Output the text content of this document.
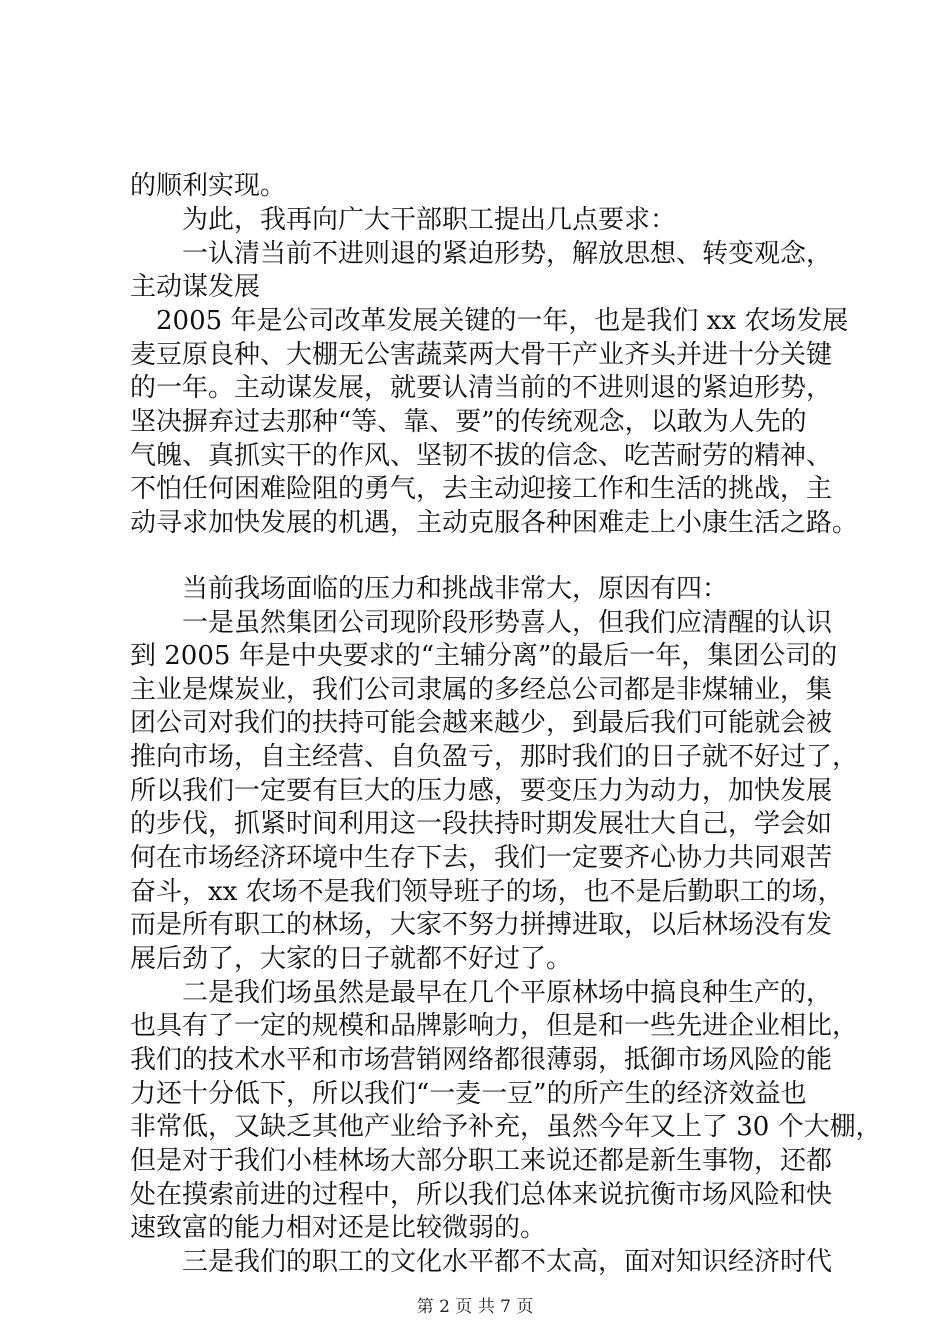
的顺利实现。
　　为此，我再向广大干部职工提出几点要求：
　　一认清当前不进则退的紧迫形势，解放思想、转变观念，
主动谋发展
　2005 年是公司改革发展关键的一年，也是我们 xx 农场发展
麦豆原良种、大棚无公害蔬菜两大骨干产业齐头并进十分关键
的一年。主动谋发展，就要认清当前的不进则退的紧迫形势，
坚决摒弃过去那种“等、靠、要”的传统观念，以敢为人先的
气魄、真抓实干的作风、坚韧不拔的信念、吃苦耐劳的精神、
不怕任何困难险阻的勇气，去主动迎接工作和生活的挑战，主
动寻求加快发展的机遇，主动克服各种困难走上小康生活之路。
　　当前我场面临的压力和挑战非常大，原因有四：
　　一是虽然集团公司现阶段形势喜人，但我们应清醒的认识
到 2005 年是中央要求的“主辅分离”的最后一年，集团公司的
主业是煤炭业，我们公司隶属的多经总公司都是非煤辅业，集
团公司对我们的扶持可能会越来越少，到最后我们可能就会被
推向市场，自主经营、自负盈亏，那时我们的日子就不好过了，
所以我们一定要有巨大的压力感，要变压力为动力，加快发展
的步伐，抓紧时间利用这一段扶持时期发展壮大自己，学会如
何在市场经济环境中生存下去，我们一定要齐心协力共同艰苦
奋斗，xx 农场不是我们领导班子的场，也不是后勤职工的场，
而是所有职工的林场，大家不努力拼搏进取，以后林场没有发
展后劲了，大家的日子就都不好过了。
　　二是我们场虽然是最早在几个平原林场中搞良种生产的，
也具有了一定的规模和品牌影响力，但是和一些先进企业相比，
我们的技术水平和市场营销网络都很薄弱，抵御市场风险的能
力还十分低下，所以我们“一麦一豆”的所产生的经济效益也
非常低，又缺乏其他产业给予补充，虽然今年又上了 30 个大棚，
但是对于我们小桂林场大部分职工来说还都是新生事物，还都
处在摸索前进的过程中，所以我们总体来说抗衡市场风险和快
速致富的能力相对还是比较微弱的。
　　三是我们的职工的文化水平都不太高，面对知识经济时代
第 2 页 共 7 页
